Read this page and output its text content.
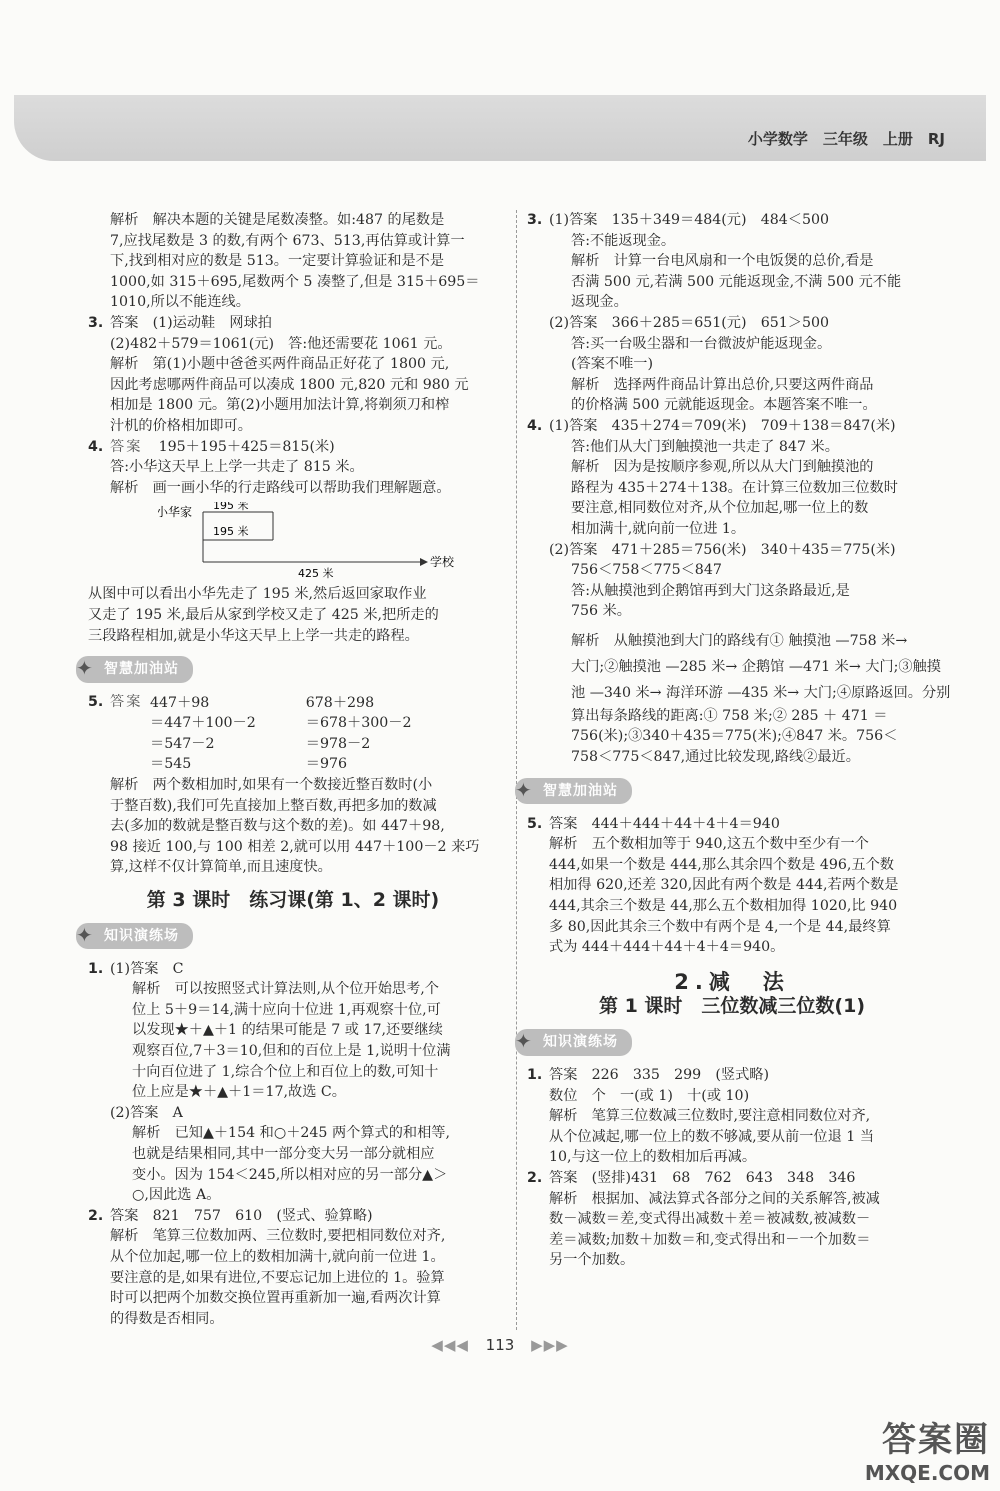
小学数学　三年级　上册　RJ

解析　解决本题的关键是尾数凑整。如:487 的尾数是

7,应找尾数是 3 的数,有两个 673、513,再估算或计算一

下,找到相对应的数是 513。一定要计算验证和是不是

1000,如 315＋695,尾数两个 5 凑整了,但是 315＋695＝

1010,所以不能连线。

3. 答案　(1)运动鞋　网球拍

(2)482＋579＝1061(元)　答:他还需要花 1061 元。

解析　第(1)小题中爸爸买两件商品正好花了 1800 元,

因此考虑哪两件商品可以凑成 1800 元,820 元和 980 元

相加是 1800 元。第(2)小题用加法计算,将剃须刀和榨

汁机的价格相加即可。

4. 答案　195＋195＋425＝815(米)

答:小华这天早上上学一共走了 815 米。

解析　画一画小华的行走路线可以帮助我们理解题意。

小华家 195 米
195 米
学校
425 米

从图中可以看出小华先走了 195 米,然后返回家取作业

又走了 195 米,最后从家到学校又走了 425 米,把所走的

三段路程相加,就是小华这天早上上学一共走的路程。

✦ 智慧加油站

5. 答案 447＋98

＝447＋100－2

＝547－2

＝545

678＋298

＝678＋300－2

＝978－2

＝976

解析　两个数相加时,如果有一个数接近整百数时(小

于整百数),我们可先直接加上整百数,再把多加的数减

去(多加的数就是整百数与这个数的差)。如 447＋98,

98 接近 100,与 100 相差 2,就可以用 447＋100－2 来巧

算,这样不仅计算简单,而且速度快。

第 3 课时　练习课(第 1、2 课时)
✦ 知识演练场

1. (1)答案　C

解析　可以按照竖式计算法则,从个位开始思考,个

位上 5＋9＝14,满十应向十位进 1,再观察十位,可

以发现★＋▲＋1 的结果可能是 7 或 17,还要继续

观察百位,7＋3＝10,但和的百位上是 1,说明十位满

十向百位进了 1,综合个位上和百位上的数,可知十

位上应是★＋▲＋1＝17,故选 C。

(2)答案　A

解析　已知▲＋154 和○＋245 两个算式的和相等,

也就是结果相同,其中一部分变大另一部分就相应

变小。因为 154＜245,所以相对应的另一部分▲＞

○,因此选 A。

2. 答案　821　757　610　(竖式、验算略)

解析　笔算三位数加两、三位数时,要把相同数位对齐,

从个位加起,哪一位上的数相加满十,就向前一位进 1。

要注意的是,如果有进位,不要忘记加上进位的 1。验算

时可以把两个加数交换位置再重新加一遍,看两次计算

的得数是否相同。

3. (1)答案　135＋349＝484(元)　484＜500

答:不能返现金。

解析　计算一台电风扇和一个电饭煲的总价,看是

否满 500 元,若满 500 元能返现金,不满 500 元不能

返现金。

(2)答案　366＋285＝651(元)　651＞500

答:买一台吸尘器和一台微波炉能返现金。

(答案不唯一)

解析　选择两件商品计算出总价,只要这两件商品

的价格满 500 元就能返现金。本题答案不唯一。

4. (1)答案　435＋274＝709(米)　709＋138＝847(米)

答:他们从大门到触摸池一共走了 847 米。

解析　因为是按顺序参观,所以从大门到触摸池的

路程为 435＋274＋138。在计算三位数加三位数时

要注意,相同数位对齐,从个位加起,哪一位上的数

相加满十,就向前一位进 1。

(2)答案　471＋285＝756(米)　340＋435＝775(米)

756＜758＜775＜847

答:从触摸池到企鹅馆再到大门这条路最近,是

756 米。

解析　从触摸池到大门的路线有① 触摸池 —758 米→

大门;②触摸池 —285 米→ 企鹅馆 —471 米→ 大门;③触摸

池 —340 米→ 海洋环游 —435 米→ 大门;④原路返回。分别

算出每条路线的距离:① 758 米;② 285 ＋ 471 ＝

756(米);③340＋435＝775(米);④847 米。756＜

758＜775＜847,通过比较发现,路线②最近。

✦ 智慧加油站

5. 答案　444＋444＋44＋4＋4＝940

解析　五个数相加等于 940,这五个数中至少有一个

444,如果一个数是 444,那么其余四个数是 496,五个数

相加得 620,还差 320,因此有两个数是 444,若两个数是

444,其余三个数是 44,那么五个数相加得 1020,比 940

多 80,因此其余三个数中有两个是 4,一个是 44,最终算

式为 444＋444＋44＋4＋4＝940。

2.减　法
第 1 课时　三位数减三位数(1)
✦ 知识演练场

1. 答案　226　335　299　(竖式略)

数位　个　一(或 1)　十(或 10)

解析　笔算三位数减三位数时,要注意相同数位对齐,

从个位减起,哪一位上的数不够减,要从前一位退 1 当

10,与这一位上的数相加后再减。

2. 答案　(竖排)431　68　762　643　348　346

解析　根据加、减法算式各部分之间的关系解答,被减

数－减数＝差,变式得出减数＋差＝被减数,被减数－

差＝减数;加数＋加数＝和,变式得出和－一个加数＝

另一个加数。

◀◀◀ 113 ▶▶▶
答案圈
MXQE.COM
